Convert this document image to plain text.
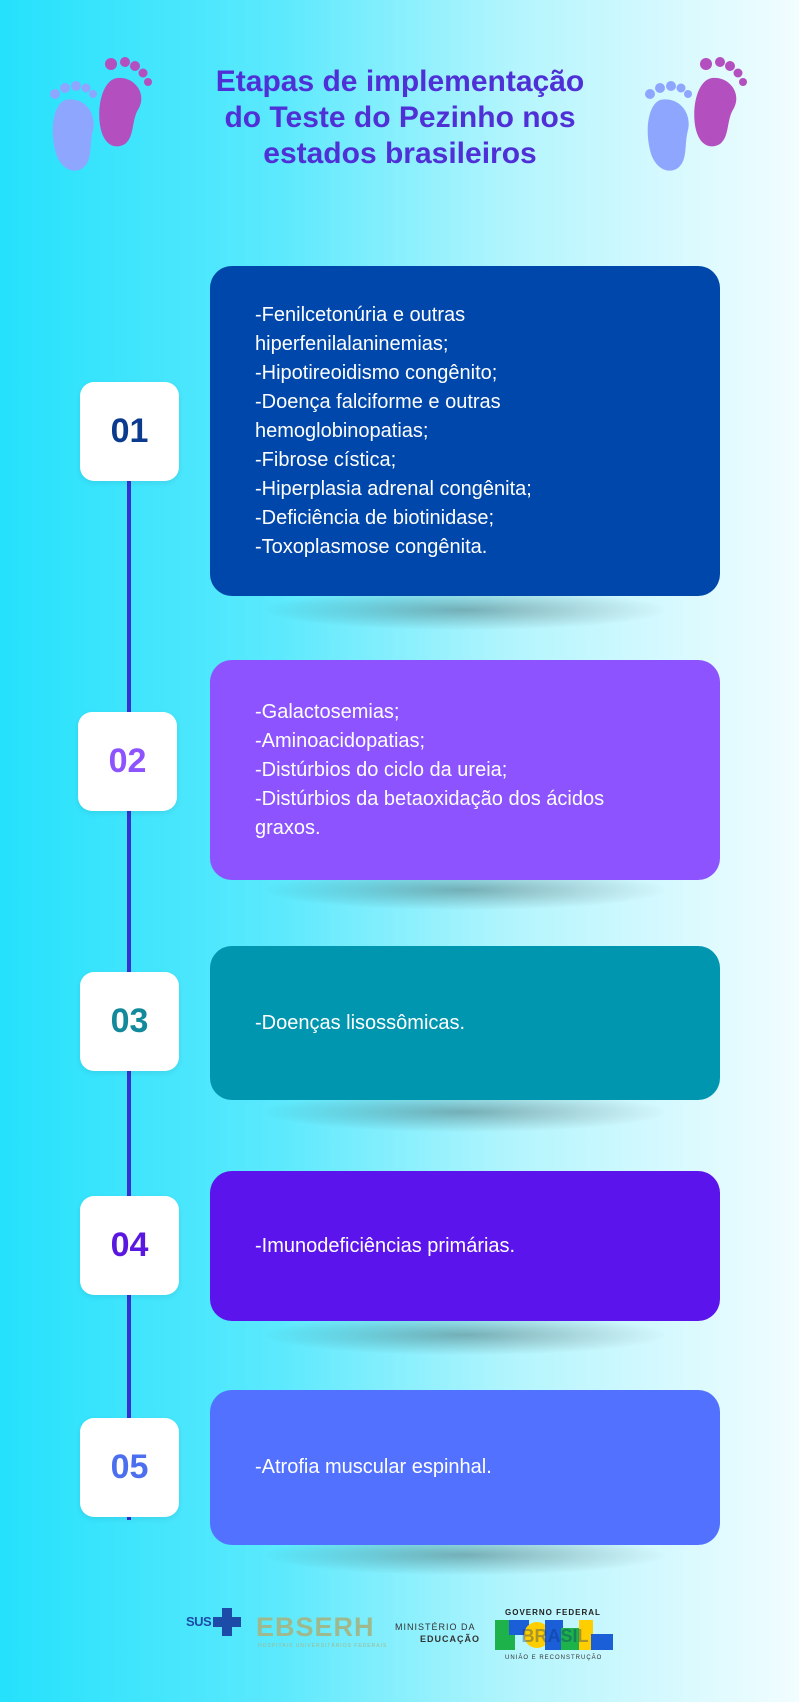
Etapas de implementação
do Teste do Pezinho nos
estados brasileiros
01
-Fenilcetonúria e outras
hiperfenilalaninemias;
-Hipotireoidismo congênito;
-Doença falciforme e outras
hemoglobinopatias;
-Fibrose cística;
-Hiperplasia adrenal congênita;
-Deficiência de biotinidase;
-Toxoplasmose congênita.
02
-Galactosemias;
-Aminoacidopatias;
-Distúrbios do ciclo da ureia;
-Distúrbios da betaoxidação dos ácidos
graxos.
03	-Doenças lisossômicas.
04	-Imunodeficiências primárias.
05	-Atrofia muscular espinhal.
SUS EBSERH
HOSPITAIS UNIVERSITÁRIOS FEDERAIS
MINISTÉRIO DA
EDUCAÇÃO
GOVERNO FEDERAL
BRASIL
UNIÃO E RECONSTRUÇÃO
